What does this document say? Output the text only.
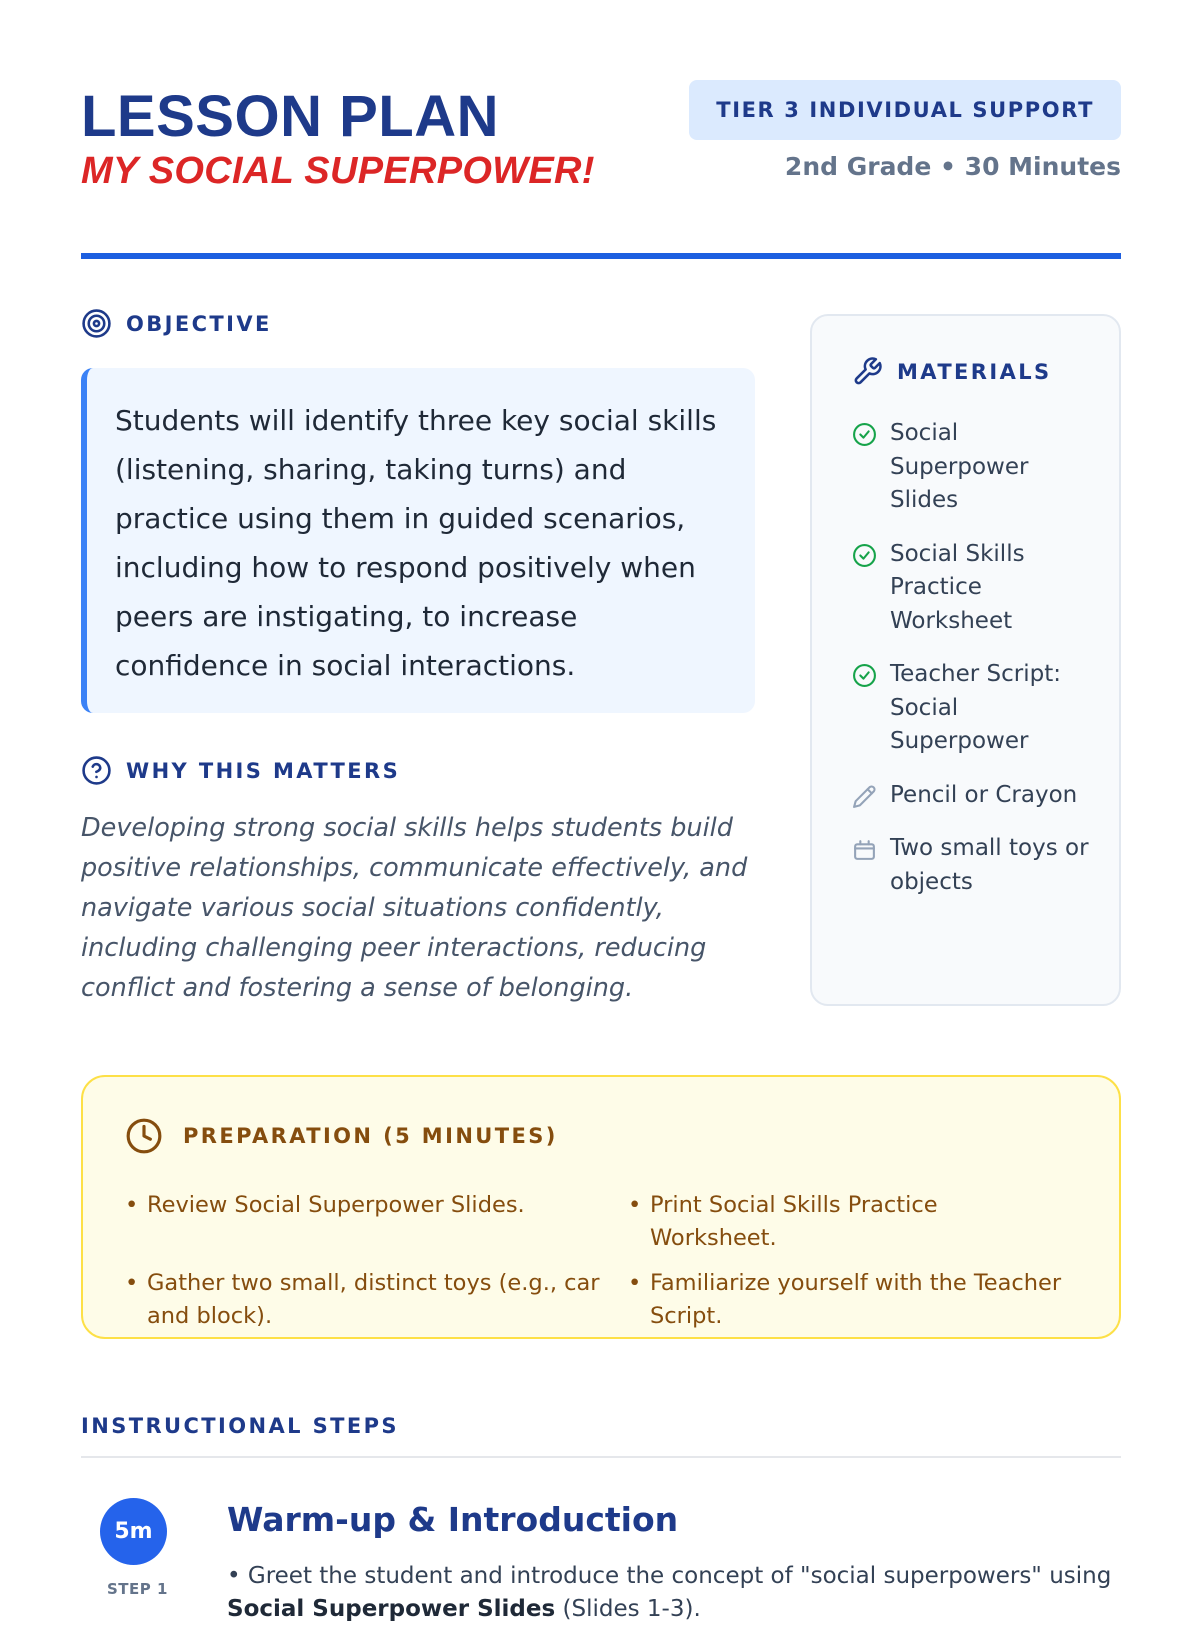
LESSON PLAN
MY SOCIAL SUPERPOWER!
TIER 3 INDIVIDUAL SUPPORT
2nd Grade • 30 Minutes
OBJECTIVE
Students will identify three key social skills (listening, sharing, taking turns) and practice using them in guided scenarios, including how to respond positively when peers are instigating, to increase confidence in social interactions.
WHY THIS MATTERS
Developing strong social skills helps students build positive relationships, communicate effectively, and navigate various social situations confidently, including challenging peer interactions, reducing conflict and fostering a sense of belonging.
MATERIALS
Social Superpower Slides
Social Skills Practice Worksheet
Teacher Script: Social Superpower
Pencil or Crayon
Two small toys or objects
PREPARATION (5 MINUTES)
• Review Social Superpower Slides.	• Print Social Skills Practice Worksheet.
• Gather two small, distinct toys (e.g., car and block).
• Familiarize yourself with the Teacher Script.
INSTRUCTIONAL STEPS
5m
STEP 1
Warm-up & Introduction
• Greet the student and introduce the concept of "social superpowers" using Social Superpower Slides (Slides 1-3).
